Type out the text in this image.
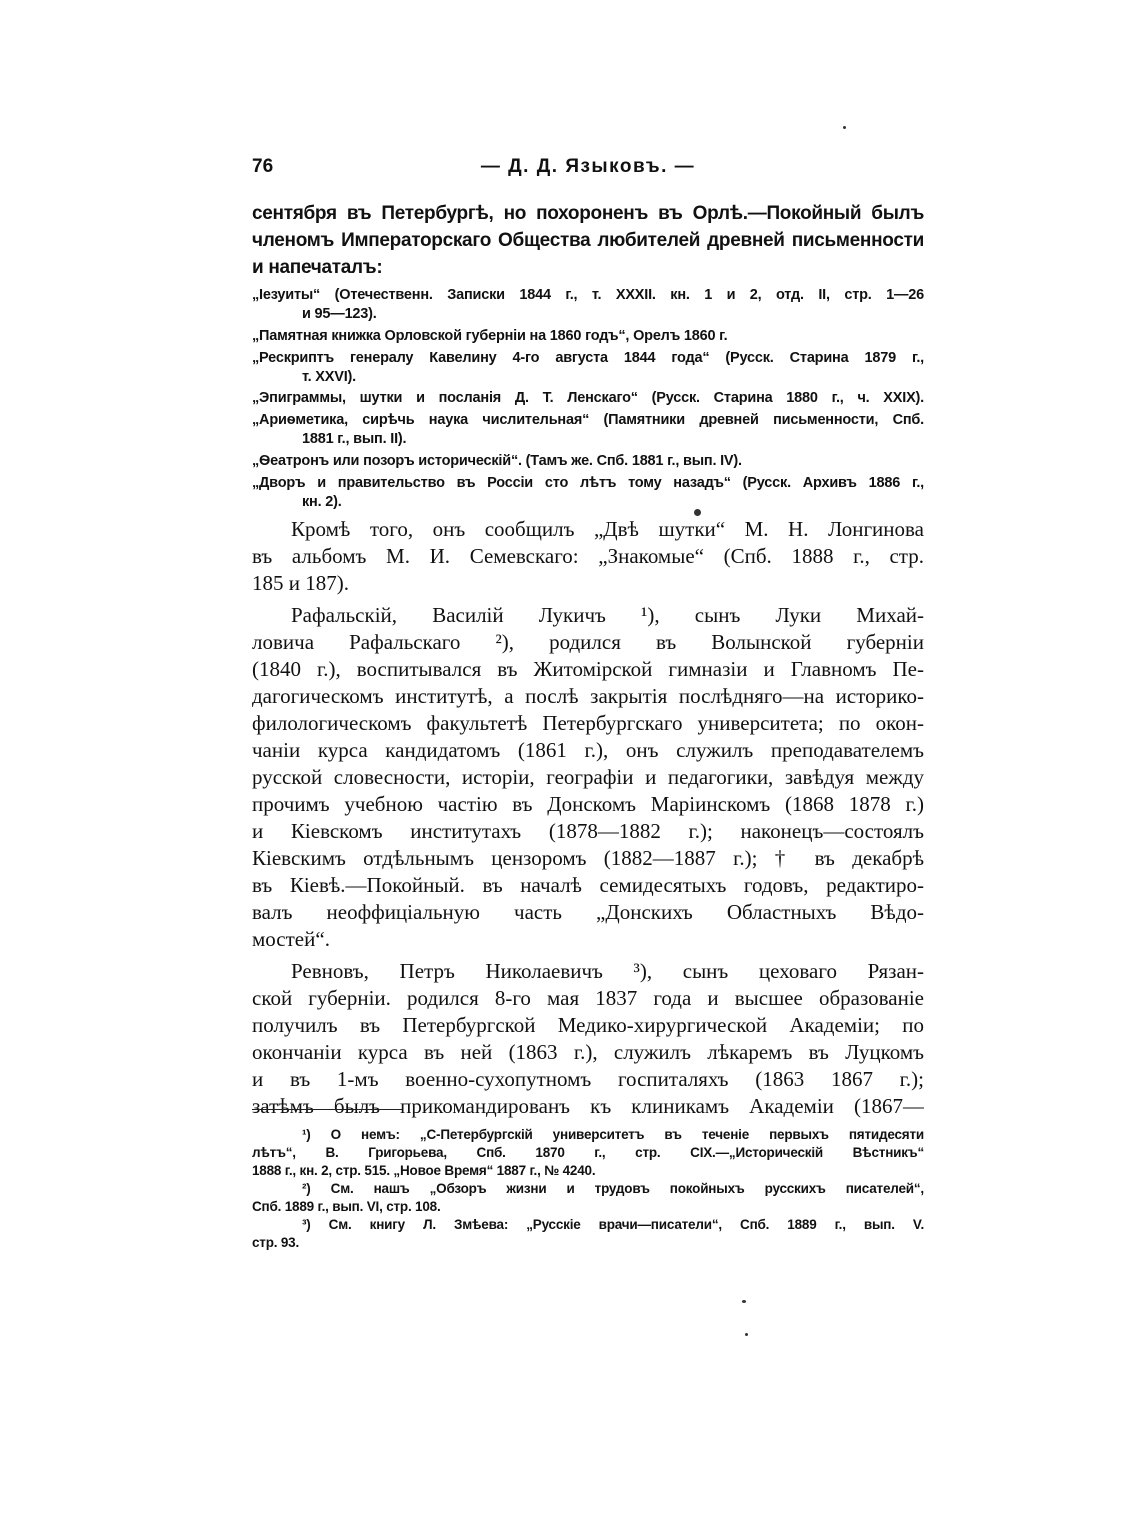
76	— Д. Д. Языковъ. —
сентября въ Петербургѣ, но похороненъ въ Орлѣ.—Покойный былъ
членомъ Императорскаго Общества любителей древней письменности
и напечаталъ:
„Iезуиты“ (Отечественн. Записки 1844 г., т. XXXII. кн. 1 и 2, отд. II, стр. 1—26
и 95—123).
„Памятная книжка Орловской губерніи на 1860 годъ“, Орелъ 1860 г.
„Рескриптъ генералу Кавелину 4-го августа 1844 года“ (Русск. Старина 1879 г.,
т. XXVI).
„Эпиграммы, шутки и посланія Д. Т. Ленскаго“ (Русск. Старина 1880 г., ч. XXIX).
„Ариѳметика, сирѣчь наука числительная“ (Памятники древней письменности, Спб.
1881 г., вып. II).
„Ѳеатронъ или позоръ историческій“. (Тамъ же. Спб. 1881 г., вып. IV).
„Дворъ и правительство въ Россіи сто лѣтъ тому назадъ“ (Русск. Архивъ 1886 г.,
кн. 2).
Кромѣ того, онъ сообщилъ „Двѣ шутки“ М. Н. Лонгинова
въ альбомъ М. И. Семевскаго: „Знакомые“ (Спб. 1888 г., стр.
185 и 187).
Рафальскій, Василій Лукичъ ¹), сынъ Луки Михай-
ловича Рафальскаго ²), родился въ Волынской губерніи
(1840 г.), воспитывался въ Житомірской гимназіи и Главномъ Пе-
дагогическомъ институтѣ, а послѣ закрытія послѣдняго—на историко-
филологическомъ факультетѣ Петербургскаго университета; по окон-
чаніи курса кандидатомъ (1861 г.), онъ служилъ преподавателемъ
русской словесности, исторіи, географіи и педагогики, завѣдуя между
прочимъ учебною частію въ Донскомъ Маріинскомъ (1868 1878 г.)
и Кіевскомъ институтахъ (1878—1882 г.); наконецъ—состоялъ
Кіевскимъ отдѣльнымъ цензоромъ (1882—1887 г.); † въ декабрѣ
въ Кіевѣ.—Покойный. въ началѣ семидесятыхъ годовъ, редактиро-
валъ неоффиціальную часть „Донскихъ Областныхъ Вѣдо-
мостей“.
Ревновъ, Петръ Николаевичъ ³), сынъ цеховаго Рязан-
ской губерніи. родился 8-го мая 1837 года и высшее образованіе
получилъ въ Петербургской Медико-хирургической Академіи; по
окончаніи курса въ ней (1863 г.), служилъ лѣкаремъ въ Луцкомъ
и въ 1-мъ военно-сухопутномъ госпиталяхъ (1863 1867 г.);
затѣмъ былъ прикомандированъ къ клиникамъ Академіи (1867—
¹) О немъ: „С-Петербургскій университетъ въ теченіе первыхъ пятидесяти
лѣтъ“, В. Григорьева, Спб. 1870 г., стр. CIX.—„Историческій Вѣстникъ“
1888 г., кн. 2, стр. 515. „Новое Время“ 1887 г., № 4240.
²) См. нашъ „Обзоръ жизни и трудовъ покойныхъ русскихъ писателей“,
Спб. 1889 г., вып. VI, стр. 108.
³) См. книгу Л. Змѣева: „Русскіе врачи—писатели“, Спб. 1889 г., вып. V.
стр. 93.
